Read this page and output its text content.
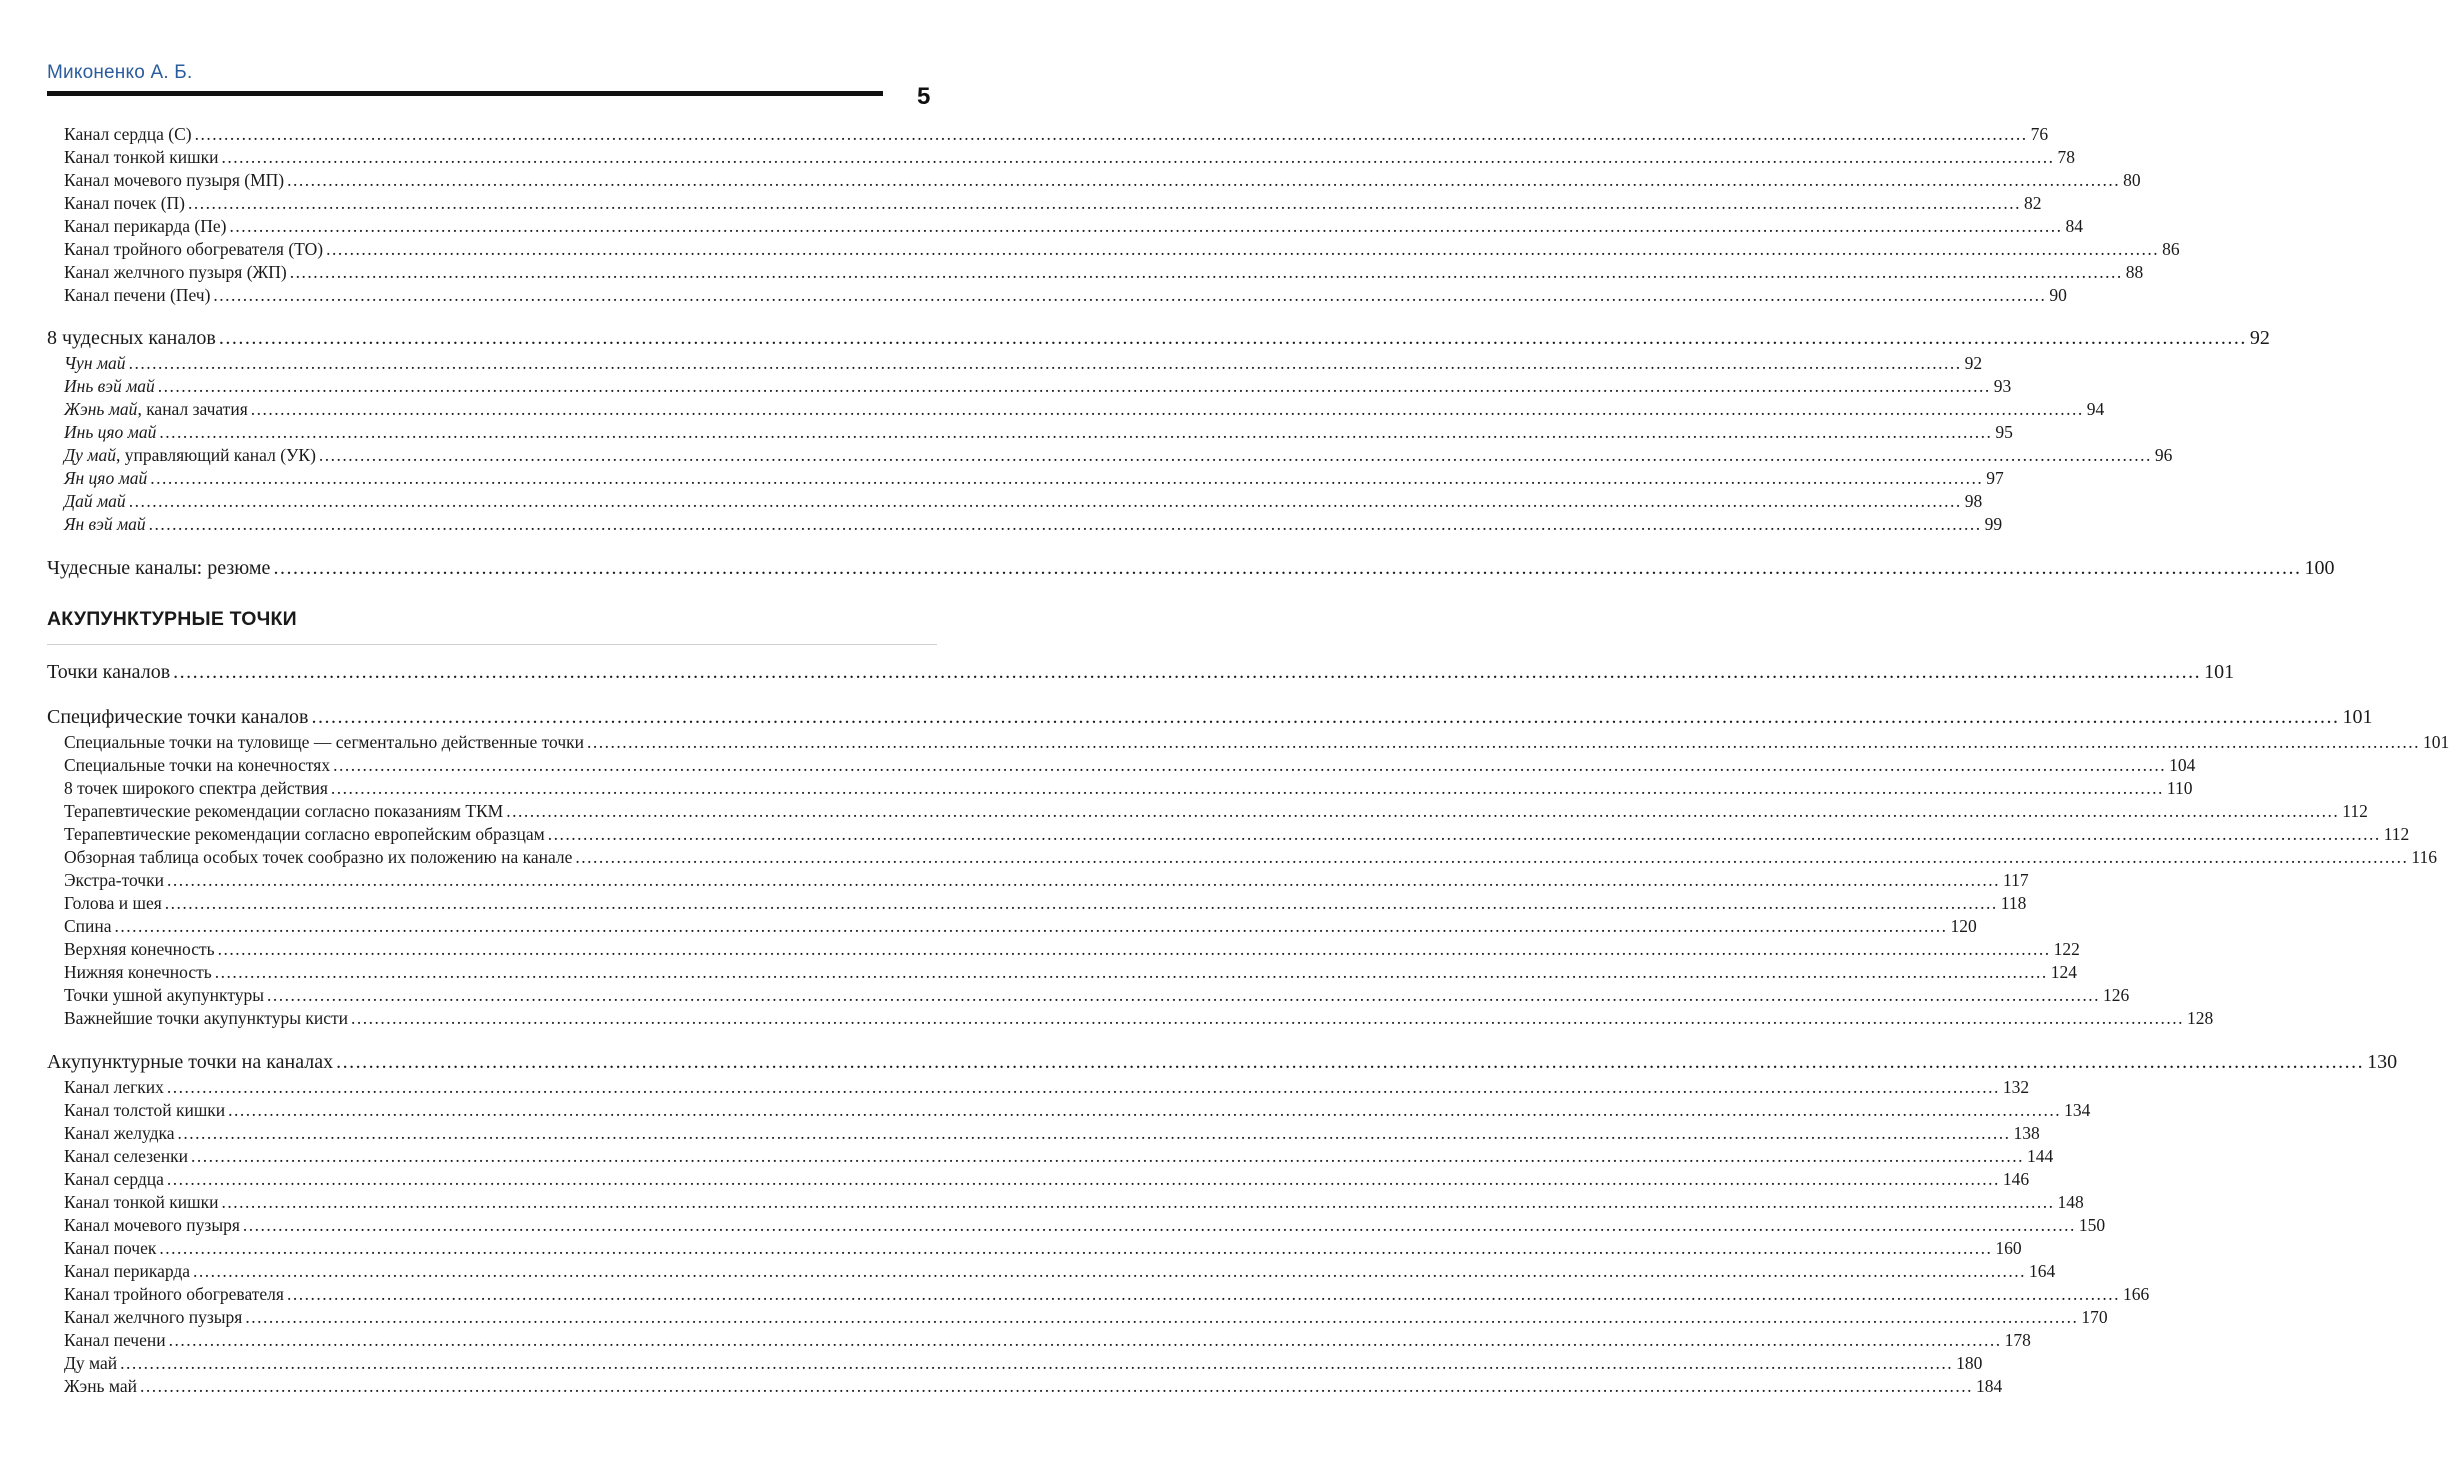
Миконенко А. Б.
5
Канал сердца (С) ........................................................................................................................................................................................................................................................................................................................ 76
Канал тонкой кишки ........................................................................................................................................................................................................................................................................................................................ 78
Канал мочевого пузыря (МП) ........................................................................................................................................................................................................................................................................................................................ 80
Канал почек (П) ........................................................................................................................................................................................................................................................................................................................ 82
Канал перикарда (Пе) ........................................................................................................................................................................................................................................................................................................................ 84
Канал тройного обогревателя (ТО) ........................................................................................................................................................................................................................................................................................................................ 86
Канал желчного пузыря (ЖП) ........................................................................................................................................................................................................................................................................................................................ 88
Канал печени (Печ) ........................................................................................................................................................................................................................................................................................................................ 90
8 чудесных каналов ........................................................................................................................................................................................................................................................................................................................ 92
Чун май ........................................................................................................................................................................................................................................................................................................................ 92
Инь вэй май ........................................................................................................................................................................................................................................................................................................................ 93
Жэнь май , канал зачатия ........................................................................................................................................................................................................................................................................................................................ 94
Инь цяо май ........................................................................................................................................................................................................................................................................................................................ 95
Ду май , управляющий канал (УК) ........................................................................................................................................................................................................................................................................................................................ 96
Ян цяо май ........................................................................................................................................................................................................................................................................................................................ 97
Дай май ........................................................................................................................................................................................................................................................................................................................ 98
Ян вэй май ........................................................................................................................................................................................................................................................................................................................ 99
Чудесные каналы: резюме ........................................................................................................................................................................................................................................................................................................................ 100
АКУПУНКТУРНЫЕ ТОЧКИ
Точки каналов ........................................................................................................................................................................................................................................................................................................................ 101
Специфические точки каналов ........................................................................................................................................................................................................................................................................................................................ 101
Специальные точки на туловище — сегментально действенные точки ........................................................................................................................................................................................................................................................................................................................ 101
Специальные точки на конечностях ........................................................................................................................................................................................................................................................................................................................ 104
8 точек широкого спектра действия ........................................................................................................................................................................................................................................................................................................................ 110
Терапевтические рекомендации согласно показаниям ТКМ ........................................................................................................................................................................................................................................................................................................................ 112
Терапевтические рекомендации согласно европейским образцам ........................................................................................................................................................................................................................................................................................................................ 112
Обзорная таблица особых точек сообразно их положению на канале ........................................................................................................................................................................................................................................................................................................................ 116
Экстра-точки ........................................................................................................................................................................................................................................................................................................................ 117
Голова и шея ........................................................................................................................................................................................................................................................................................................................ 118
Спина ........................................................................................................................................................................................................................................................................................................................ 120
Верхняя конечность ........................................................................................................................................................................................................................................................................................................................ 122
Нижняя конечность ........................................................................................................................................................................................................................................................................................................................ 124
Точки ушной акупунктуры ........................................................................................................................................................................................................................................................................................................................ 126
Важнейшие точки акупунктуры кисти ........................................................................................................................................................................................................................................................................................................................ 128
Акупунктурные точки на каналах ........................................................................................................................................................................................................................................................................................................................ 130
Канал легких ........................................................................................................................................................................................................................................................................................................................ 132
Канал толстой кишки ........................................................................................................................................................................................................................................................................................................................ 134
Канал желудка ........................................................................................................................................................................................................................................................................................................................ 138
Канал селезенки ........................................................................................................................................................................................................................................................................................................................ 144
Канал сердца ........................................................................................................................................................................................................................................................................................................................ 146
Канал тонкой кишки ........................................................................................................................................................................................................................................................................................................................ 148
Канал мочевого пузыря ........................................................................................................................................................................................................................................................................................................................ 150
Канал почек ........................................................................................................................................................................................................................................................................................................................ 160
Канал перикарда ........................................................................................................................................................................................................................................................................................................................ 164
Канал тройного обогревателя ........................................................................................................................................................................................................................................................................................................................ 166
Канал желчного пузыря ........................................................................................................................................................................................................................................................................................................................ 170
Канал печени ........................................................................................................................................................................................................................................................................................................................ 178
Ду май ........................................................................................................................................................................................................................................................................................................................ 180
Жэнь май ........................................................................................................................................................................................................................................................................................................................ 184
